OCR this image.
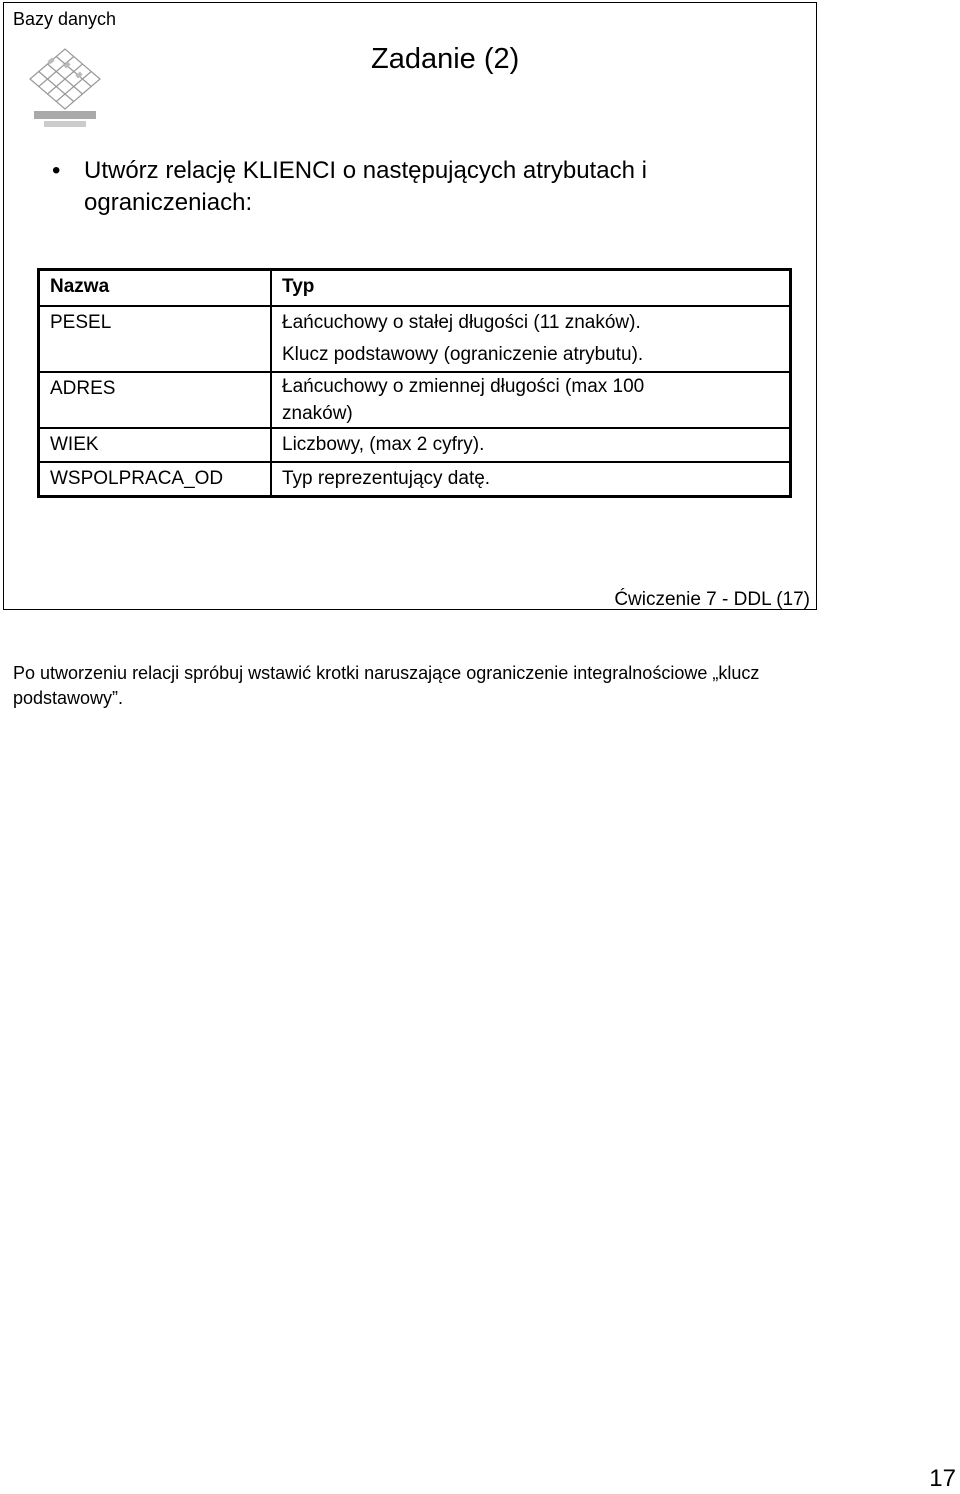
Bazy danych
Zadanie (2)
• Utwórz relację KLIENCI o następujących atrybutach i ograniczeniach:
Nazwa	Typ
PESEL	Łańcuchowy o stałej długości (11 znaków).
Klucz podstawowy (ograniczenie atrybutu).

ADRES	Łańcuchowy o zmiennej długości (max 100
znaków)

WIEK	Liczbowy, (max 2 cyfry).

WSPOLPRACA_OD	Typ reprezentujący datę.
Ćwiczenie 7 - DDL (17)
Po utworzeniu relacji spróbuj wstawić krotki naruszające ograniczenie integralnościowe „klucz podstawowy”.
17
